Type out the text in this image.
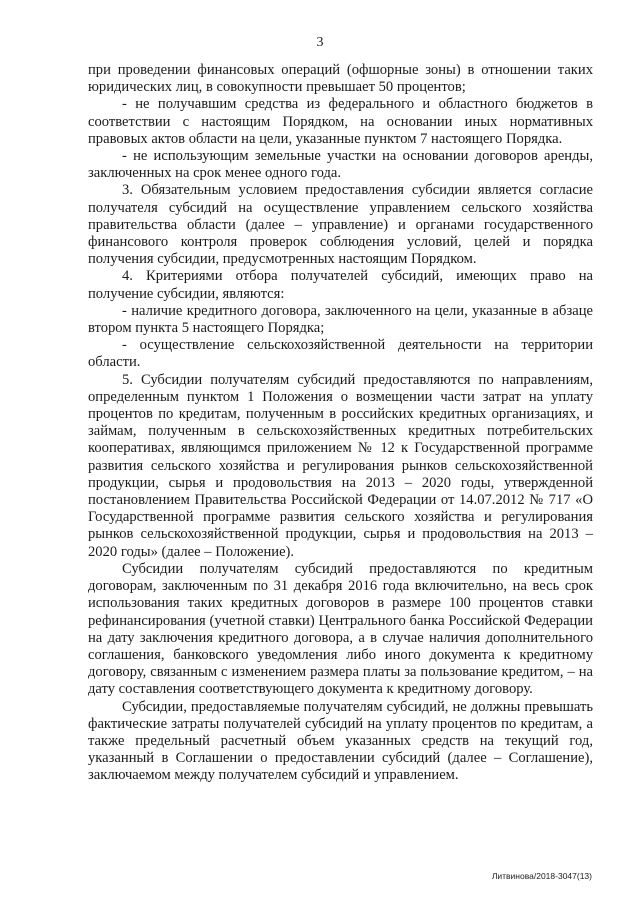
3

при проведении финансовых операций (офшорные зоны) в отношении таких юридических лиц, в совокупности превышает 50 процентов;

- не получавшим средства из федерального и областного бюджетов в соответствии с настоящим Порядком, на основании иных нормативных правовых актов области на цели, указанные пунктом 7 настоящего Порядка.

- не использующим земельные участки на основании договоров аренды, заключенных на срок менее одного года.

3. Обязательным условием предоставления субсидии является согласие получателя субсидий на осуществление управлением сельского хозяйства правительства области (далее – управление) и органами государственного финансового контроля проверок соблюдения условий, целей и порядка получения субсидии, предусмотренных настоящим Порядком.

4. Критериями отбора получателей субсидий, имеющих право на получение субсидии, являются:

- наличие кредитного договора, заключенного на цели, указанные в абзаце втором пункта 5 настоящего Порядка;

- осуществление сельскохозяйственной деятельности на территории области.

5. Субсидии получателям субсидий предоставляются по направлениям, определенным пунктом 1 Положения о возмещении части затрат на уплату процентов по кредитам, полученным в российских кредитных организациях, и займам, полученным в сельскохозяйственных кредитных потребительских кооперативах, являющимся приложением № 12 к Государственной программе развития сельского хозяйства и регулирования рынков сельскохозяйственной продукции, сырья и продовольствия на 2013 – 2020 годы, утвержденной постановлением Правительства Российской Федерации от 14.07.2012 № 717 «О Государственной программе развития сельского хозяйства и регулирования рынков сельскохозяйственной продукции, сырья и продовольствия на 2013 – 2020 годы» (далее – Положение).

Субсидии получателям субсидий предоставляются по кредитным договорам, заключенным по 31 декабря 2016 года включительно, на весь срок использования таких кредитных договоров в размере 100 процентов ставки рефинансирования (учетной ставки) Центрального банка Российской Федерации на дату заключения кредитного договора, а в случае наличия дополнительного соглашения, банковского уведомления либо иного документа к кредитному договору, связанным с изменением размера платы за пользование кредитом, – на дату составления соответствующего документа к кредитному договору.

Субсидии, предоставляемые получателям субсидий, не должны превышать фактические затраты получателей субсидий на уплату процентов по кредитам, а также предельный расчетный объем указанных средств на текущий год, указанный в Соглашении о предоставлении субсидий (далее – Соглашение), заключаемом между получателем субсидий и управлением.

Литвинова/2018-3047(13)
